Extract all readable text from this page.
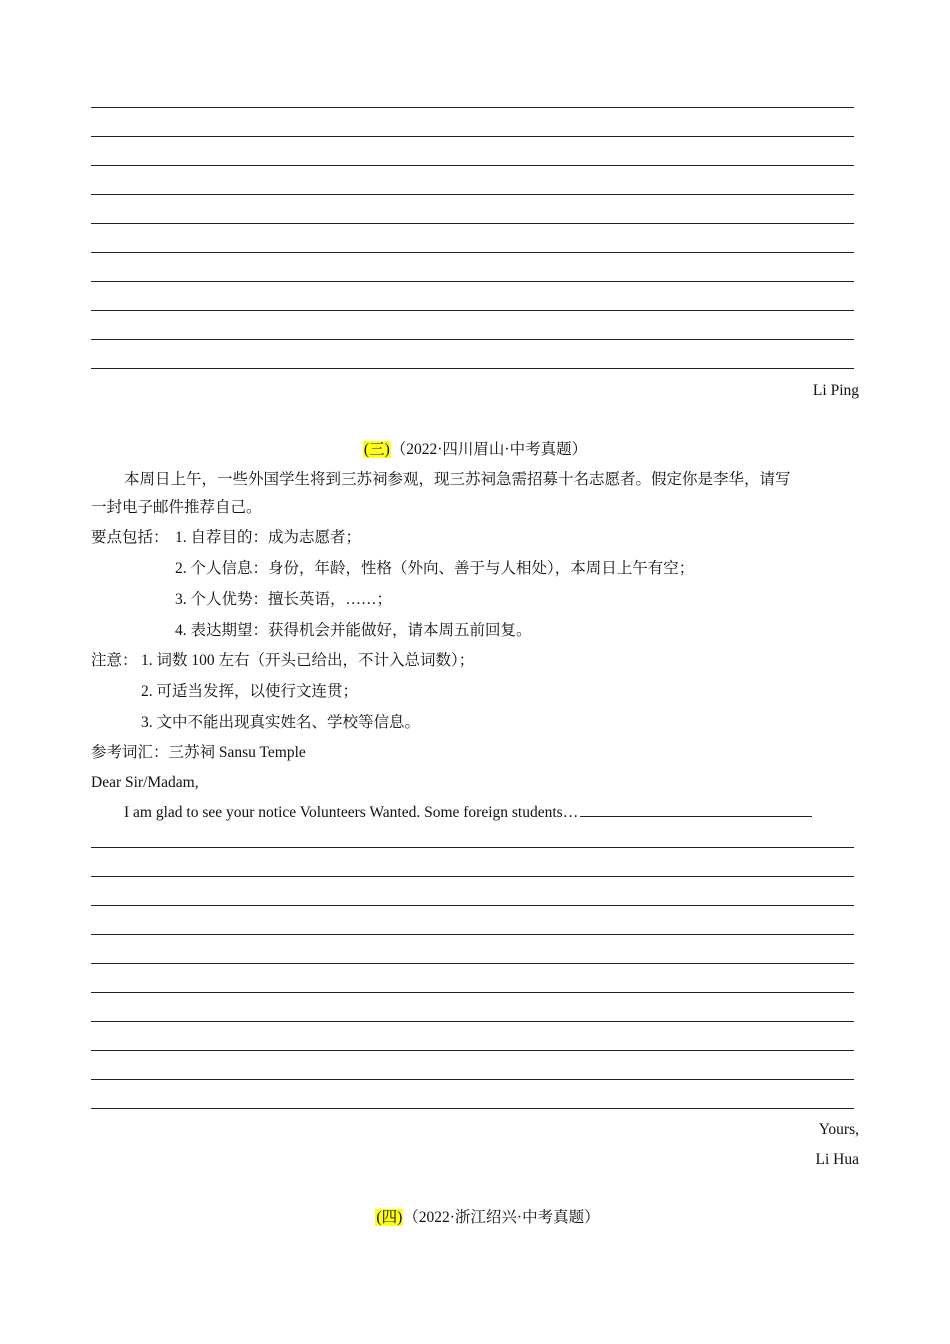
Li Ping
(三)（2022·四川眉山·中考真题）
本周日上午，一些外国学生将到三苏祠参观，现三苏祠急需招募十名志愿者。假定你是李华，请写
一封电子邮件推荐自己。
要点包括： 1. 自荐目的：成为志愿者；
2. 个人信息：身份，年龄，性格（外向、善于与人相处），本周日上午有空；
3. 个人优势：擅长英语，……；
4. 表达期望：获得机会并能做好，请本周五前回复。
注意： 1. 词数 100 左右（开头已给出，不计入总词数）；
2. 可适当发挥，以使行文连贯；
3. 文中不能出现真实姓名、学校等信息。
参考词汇：三苏祠 Sansu Temple
Dear Sir/Madam,
I am glad to see your notice Volunteers Wanted. Some foreign students…
Yours,
Li Hua
(四)（2022·浙江绍兴·中考真题）
